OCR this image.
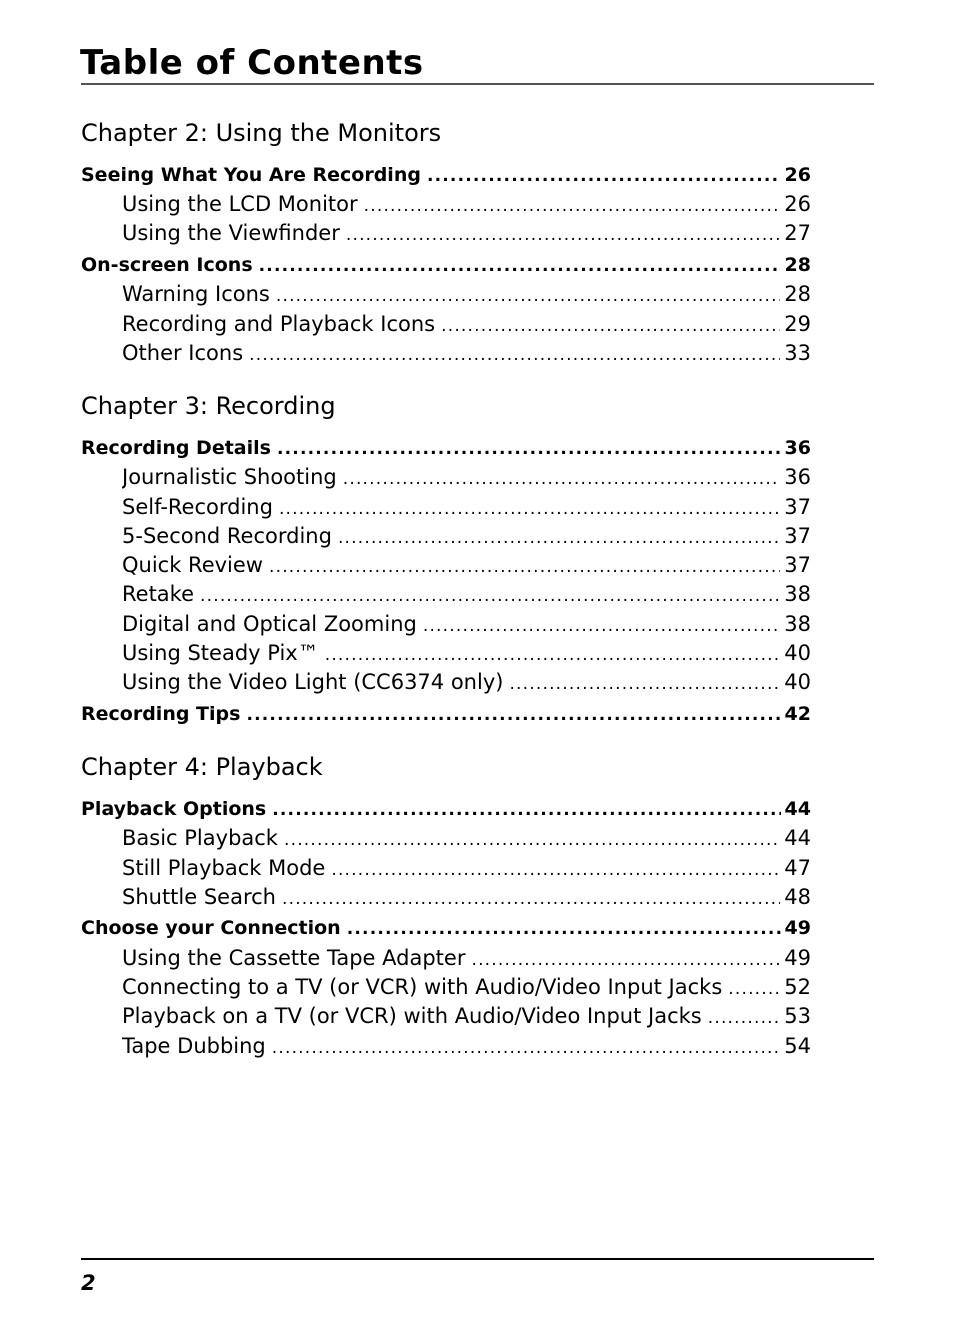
Table of Contents
Chapter 2: Using the Monitors
Seeing What You Are Recording .....	26
Using the LCD Monitor .....	26
Using the Viewfinder .....	27
On-screen Icons .....	28
Warning Icons .....	28
Recording and Playback Icons .....	29
Other Icons .....	33
Chapter 3: Recording
Recording Details .....	36
Journalistic Shooting .....	36
Self-Recording .....	37
5-Second Recording .....	37
Quick Review .....	37
Retake .....	38
Digital and Optical Zooming .....	38
Using Steady Pix™ .....	40
Using the Video Light (CC6374 only) .....	40
Recording Tips .....	42
Chapter 4: Playback
Playback Options .....	44
Basic Playback .....	44
Still Playback Mode .....	47
Shuttle Search .....	48
Choose your Connection .....	49
Using the Cassette Tape Adapter .....	49
Connecting to a TV (or VCR) with Audio/Video Input Jacks .....	52
Playback on a TV (or VCR) with Audio/Video Input Jacks .....	53
Tape Dubbing .....	54
2
